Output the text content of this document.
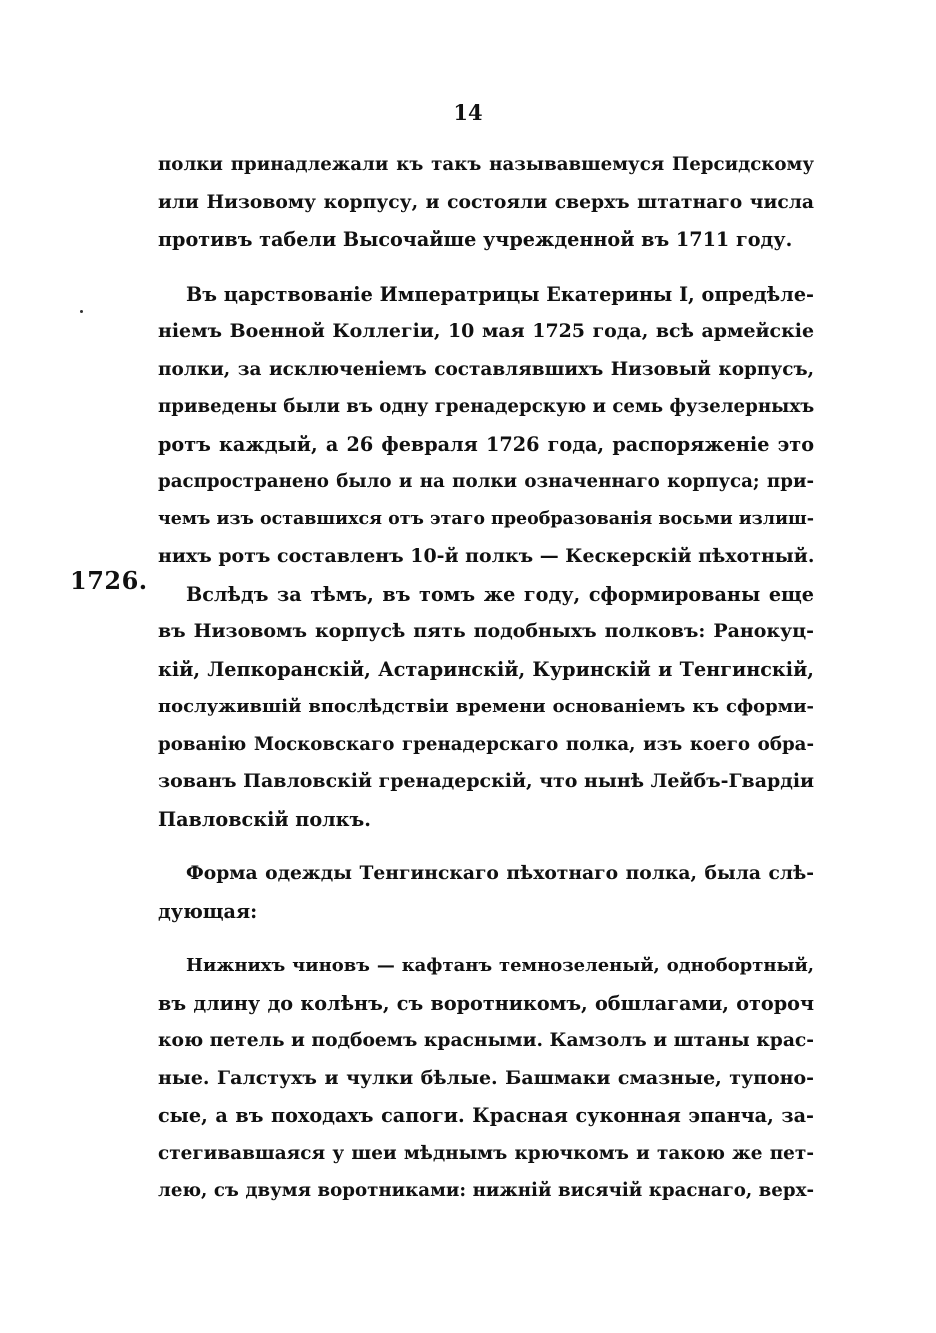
14
1726.
полки принадлежали къ такъ называвшемуся Персидскому
или Низовому корпусу, и состояли сверхъ штатнаго числа
противъ табели Высочайше учрежденной въ 1711 году.
Въ царствованіе Императрицы Екатерины I, опредѣле-
ніемъ Военной Коллегіи, 10 мая 1725 года, всѣ армейскіе
полки, за исключеніемъ составлявшихъ Низовый корпусъ,
приведены были въ одну гренадерскую и семь фузелерныхъ
ротъ каждый, а 26 февраля 1726 года, распоряженіе это
распространено было и на полки означеннаго корпуса; при-
чемъ изъ оставшихся отъ этаго преобразованія восьми излиш-
нихъ ротъ составленъ 10-й полкъ — Кескерскій пѣхотный.
Вслѣдъ за тѣмъ, въ томъ же году, сформированы еще
въ Низовомъ корпусѣ пять подобныхъ полковъ: Ранокуц-
кій, Лепкоранскій, Астаринскій, Куринскій и Тенгинскій,
послужившій впослѣдствіи времени основаніемъ къ сформи-
рованію Московскаго гренадерскаго полка, изъ коего обра-
зованъ Павловскій гренадерскій, что нынѣ Лейбъ-Гвардіи
Павловскій полкъ.
Форма одежды Тенгинскаго пѣхотнаго полка, была слѣ-
дующая:
Нижнихъ чиновъ — кафтанъ темнозеленый, однобортный,
въ длину до колѣнъ, съ воротникомъ, обшлагами, отороч
кою петель и подбоемъ красными. Камзолъ и штаны крас-
ные. Галстухъ и чулки бѣлые. Башмаки смазные, тупоно-
сые, а въ походахъ сапоги. Красная суконная эпанча, за-
стегивавшаяся у шеи мѣднымъ крючкомъ и такою же пет-
лею, съ двумя воротниками: нижній висячій краснаго, верх-
